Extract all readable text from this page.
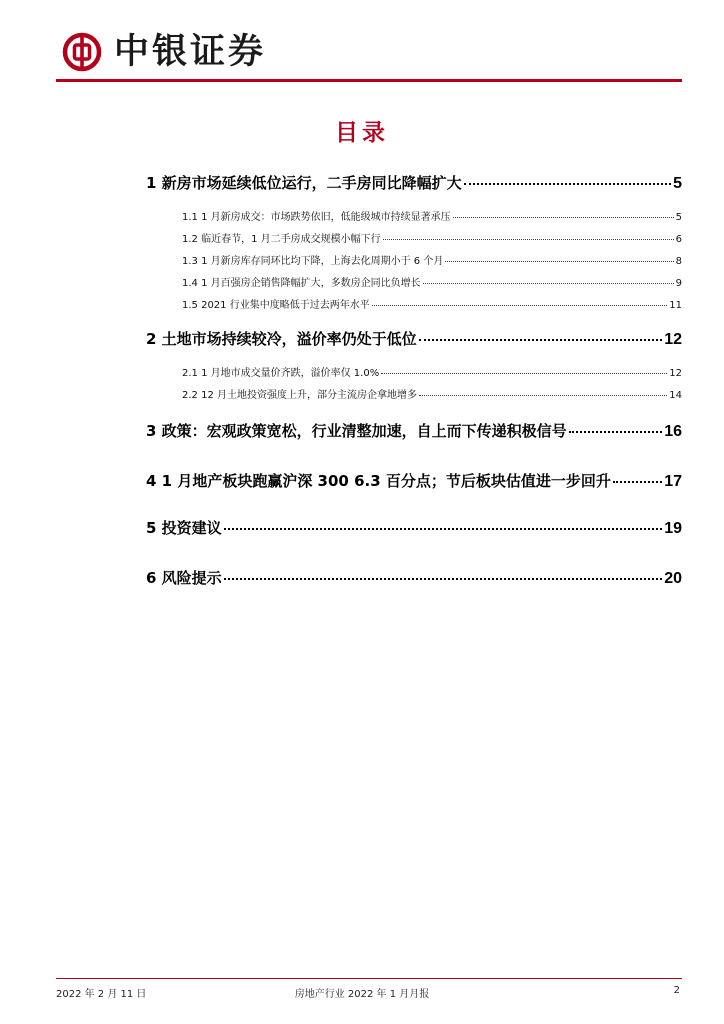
中银证券
目录
1 新房市场延续低位运行，二手房同比降幅扩大	5
1.1 1 月新房成交：市场跌势依旧，低能级城市持续显著承压	5
1.2 临近春节，1 月二手房成交规模小幅下行	6
1.3 1 月新房库存同环比均下降，上海去化周期小于 6 个月	8
1.4 1 月百强房企销售降幅扩大，多数房企同比负增长	9
1.5 2021 行业集中度略低于过去两年水平	11
2 土地市场持续较冷，溢价率仍处于低位	12
2.1 1 月地市成交量价齐跌，溢价率仅 1.0%	12
2.2 12 月土地投资强度上升，部分主流房企拿地增多	14
3 政策：宏观政策宽松，行业清整加速，自上而下传递积极信号	16
4 1 月地产板块跑赢沪深 300 6.3 百分点；节后板块估值进一步回升	17
5 投资建议	19
6 风险提示	20
2022 年 2 月 11 日	房地产行业 2022 年 1 月月报	2
